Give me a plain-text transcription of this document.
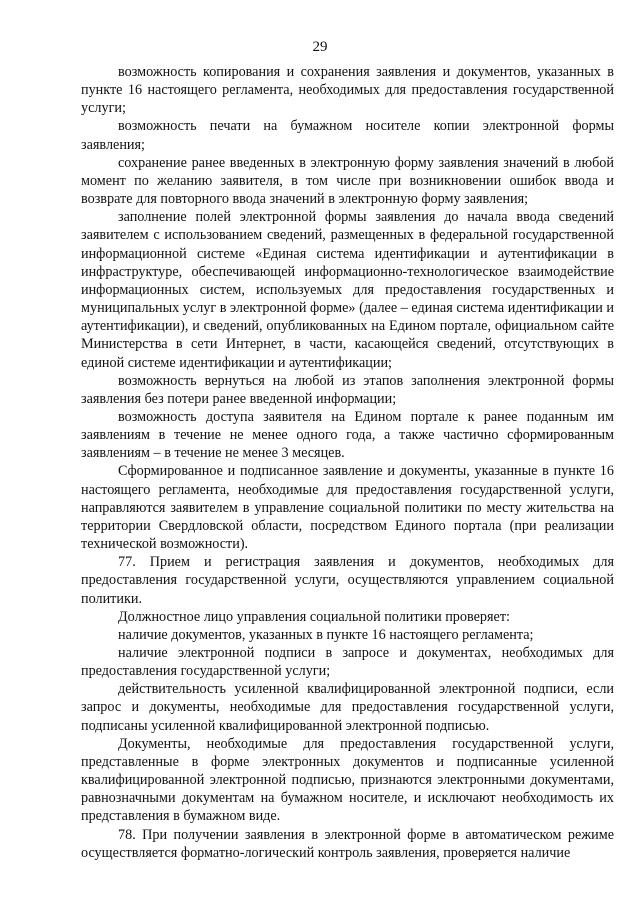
29

возможность копирования и сохранения заявления и документов, указанных в пункте 16 настоящего регламента, необходимых для предоставления государственной услуги;

возможность печати на бумажном носителе копии электронной формы заявления;

сохранение ранее введенных в электронную форму заявления значений в любой момент по желанию заявителя, в том числе при возникновении ошибок ввода и возврате для повторного ввода значений в электронную форму заявления;

заполнение полей электронной формы заявления до начала ввода сведений заявителем с использованием сведений, размещенных в федеральной государственной информационной системе «Единая система идентификации и аутентификации в инфраструктуре, обеспечивающей информационно-технологическое взаимодействие информационных систем, используемых для предоставления государственных и муниципальных услуг в электронной форме» (далее – единая система идентификации и аутентификации), и сведений, опубликованных на Едином портале, официальном сайте Министерства в сети Интернет, в части, касающейся сведений, отсутствующих в единой системе идентификации и аутентификации;

возможность вернуться на любой из этапов заполнения электронной формы заявления без потери ранее введенной информации;

возможность доступа заявителя на Едином портале к ранее поданным им заявлениям в течение не менее одного года, а также частично сформированным заявлениям – в течение не менее 3 месяцев.

Сформированное и подписанное заявление и документы, указанные в пункте 16 настоящего регламента, необходимые для предоставления государственной услуги, направляются заявителем в управление социальной политики по месту жительства на территории Свердловской области, посредством Единого портала (при реализации технической возможности).

77. Прием и регистрация заявления и документов, необходимых для предоставления государственной услуги, осуществляются управлением социальной политики.

Должностное лицо управления социальной политики проверяет:

наличие документов, указанных в пункте 16 настоящего регламента;

наличие электронной подписи в запросе и документах, необходимых для предоставления государственной услуги;

действительность усиленной квалифицированной электронной подписи, если запрос и документы, необходимые для предоставления государственной услуги, подписаны усиленной квалифицированной электронной подписью.

Документы, необходимые для предоставления государственной услуги, представленные в форме электронных документов и подписанные усиленной квалифицированной электронной подписью, признаются электронными документами, равнозначными документам на бумажном носителе, и исключают необходимость их представления в бумажном виде.

78. При получении заявления в электронной форме в автоматическом режиме осуществляется форматно-логический контроль заявления, проверяется наличие
